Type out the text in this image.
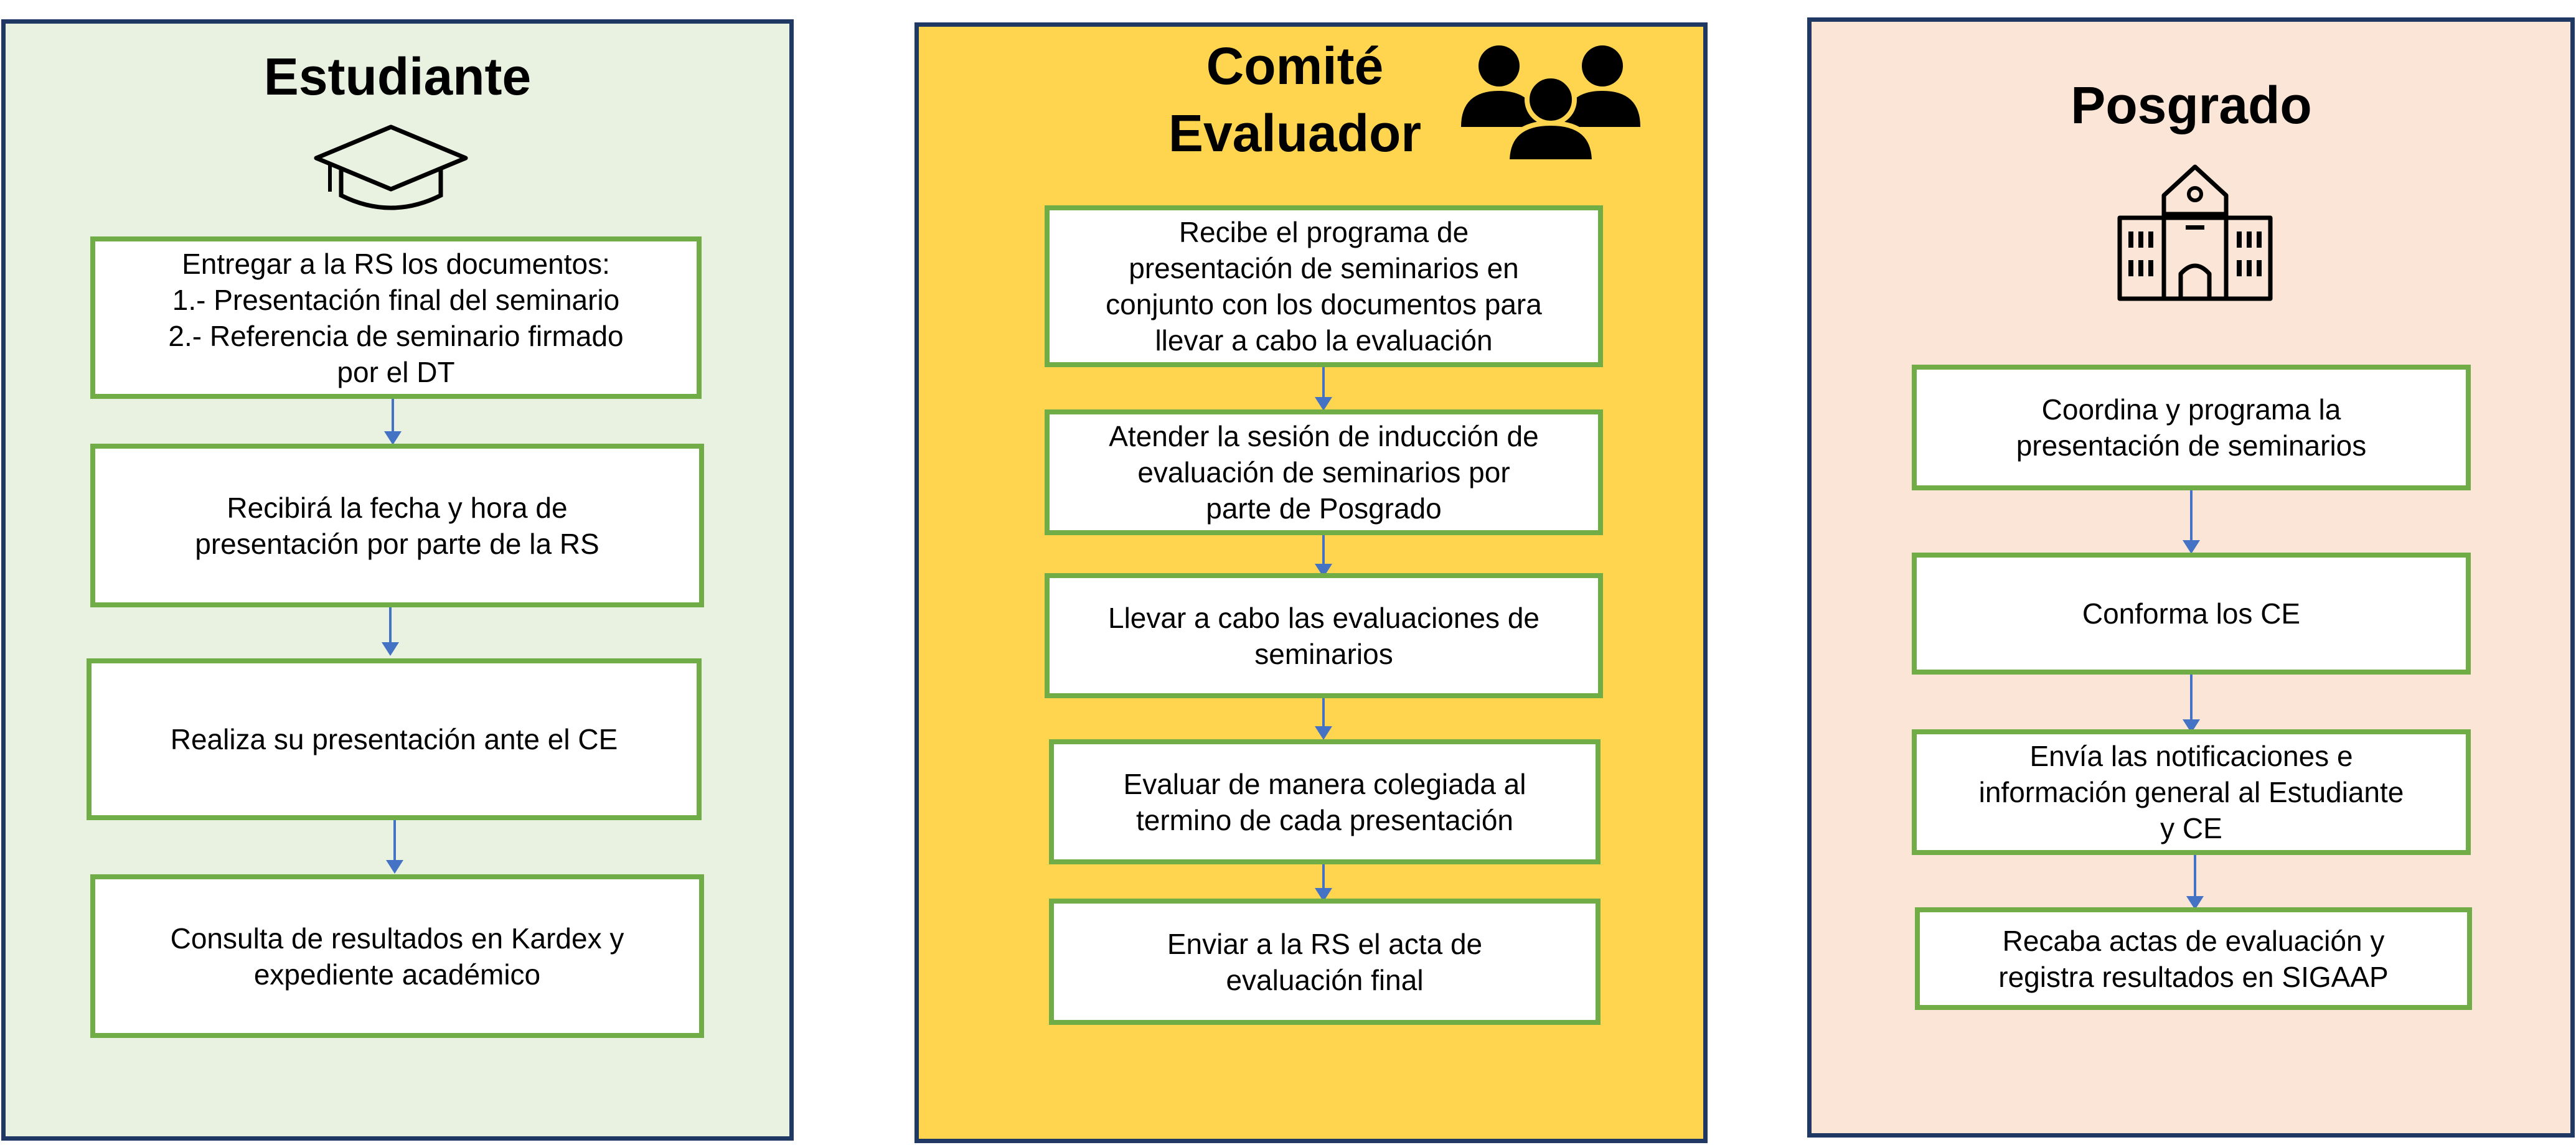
Estudiante
Entregar a la RS los documentos:
1.- Presentación final del seminario
2.- Referencia de seminario firmado
por el DT
Recibirá la fecha y hora de
presentación por parte de la RS
Realiza su presentación ante el CE
Consulta de resultados en Kardex y
expediente académico
Comité
Evaluador
Recibe el programa de
presentación de seminarios en
conjunto con los documentos para
llevar a cabo la evaluación
Atender la sesión de inducción de
evaluación de seminarios por
parte de Posgrado
Llevar a cabo las evaluaciones de
seminarios
Evaluar de manera colegiada al
termino de cada presentación
Enviar a la RS el acta de
evaluación final
Posgrado
Coordina y programa la
presentación de seminarios
Conforma los CE
Envía las notificaciones e
información general al Estudiante
y CE
Recaba actas de evaluación y
registra resultados en SIGAAP
